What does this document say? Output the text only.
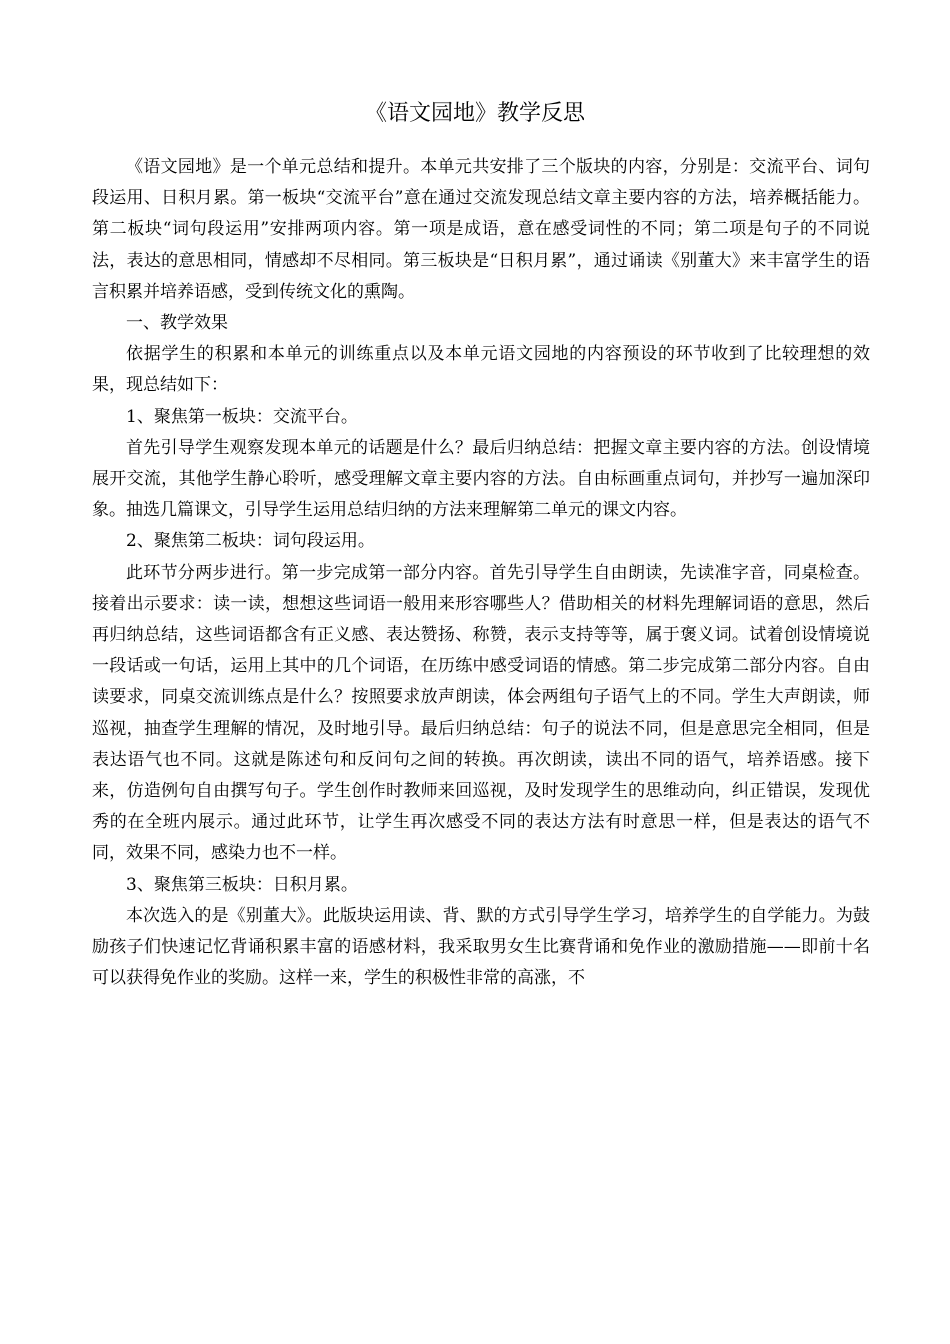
《语文园地》教学反思

《语文园地》是一个单元总结和提升。本单元共安排了三个版块的内容，分别是：交流平台、词句段运用、日积月累。第一板块“交流平台”意在通过交流发现总结文章主要内容的方法，培养概括能力。第二板块“词句段运用”安排两项内容。第一项是成语，意在感受词性的不同；第二项是句子的不同说法，表达的意思相同，情感却不尽相同。第三板块是“日积月累”，通过诵读《别董大》来丰富学生的语言积累并培养语感，受到传统文化的熏陶。

一、教学效果

依据学生的积累和本单元的训练重点以及本单元语文园地的内容预设的环节收到了比较理想的效果，现总结如下：

1、聚焦第一板块：交流平台。

首先引导学生观察发现本单元的话题是什么？最后归纳总结：把握文章主要内容的方法。创设情境展开交流，其他学生静心聆听，感受理解文章主要内容的方法。自由标画重点词句，并抄写一遍加深印象。抽选几篇课文，引导学生运用总结归纳的方法来理解第二单元的课文内容。

2、聚焦第二板块：词句段运用。

此环节分两步进行。第一步完成第一部分内容。首先引导学生自由朗读，先读准字音，同桌检查。接着出示要求：读一读，想想这些词语一般用来形容哪些人？借助相关的材料先理解词语的意思，然后再归纳总结，这些词语都含有正义感、表达赞扬、称赞，表示支持等等，属于褒义词。试着创设情境说一段话或一句话，运用上其中的几个词语，在历练中感受词语的情感。第二步完成第二部分内容。自由读要求，同桌交流训练点是什么？按照要求放声朗读，体会两组句子语气上的不同。学生大声朗读，师巡视，抽查学生理解的情况，及时地引导。最后归纳总结：句子的说法不同，但是意思完全相同，但是表达语气也不同。这就是陈述句和反问句之间的转换。再次朗读，读出不同的语气，培养语感。接下来，仿造例句自由撰写句子。学生创作时教师来回巡视，及时发现学生的思维动向，纠正错误，发现优秀的在全班内展示。通过此环节，让学生再次感受不同的表达方法有时意思一样，但是表达的语气不同，效果不同，感染力也不一样。

3、聚焦第三板块：日积月累。

本次选入的是《别董大》。此版块运用读、背、默的方式引导学生学习，培养学生的自学能力。为鼓励孩子们快速记忆背诵积累丰富的语感材料，我采取男女生比赛背诵和免作业的激励措施——即前十名可以获得免作业的奖励。这样一来，学生的积极性非常的高涨，不
